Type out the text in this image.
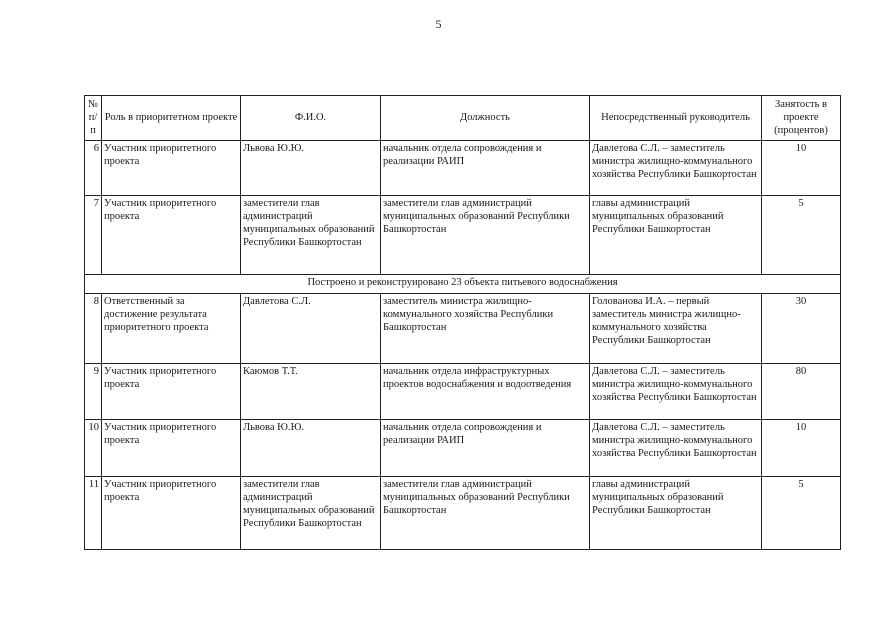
5
№ п/п	Роль в приоритетном проекте	Ф.И.О.	Должность	Непосредственный руководитель	Занятость в проекте (процентов)
6	Участник приоритетного проекта	Львова Ю.Ю.	начальник отдела сопровождения и реализации РАИП	Давлетова С.Л. – заместитель министра жилищно-коммунального хозяйства Республики Башкортостан	10
7	Участник приоритетного проекта	заместители глав администраций муниципальных образований Республики Башкортостан	заместители глав администраций муниципальных образований Республики Башкортостан	главы администраций муниципальных образований Республики Башкортостан	5
Построено и реконструировано 23 объекта питьевого водоснабжения					
8	Ответственный за достижение результата приоритетного проекта	Давлетова С.Л.	заместитель министра жилищно-коммунального хозяйства Республики Башкортостан	Голованова И.А. – первый заместитель министра жилищно-коммунального хозяйства Республики Башкортостан	30
9	Участник приоритетного проекта	Каюмов Т.Т.	начальник отдела инфраструктурных проектов водоснабжения и водоотведения	Давлетова С.Л. – заместитель министра жилищно-коммунального хозяйства Республики Башкортостан	80
10	Участник приоритетного проекта	Львова Ю.Ю.	начальник отдела сопровождения и реализации РАИП	Давлетова С.Л. – заместитель министра жилищно-коммунального хозяйства Республики Башкортостан	10
11	Участник приоритетного проекта	заместители глав администраций муниципальных образований Республики Башкортостан	заместители глав администраций муниципальных образований Республики Башкортостан	главы администраций муниципальных образований Республики Башкортостан	5
